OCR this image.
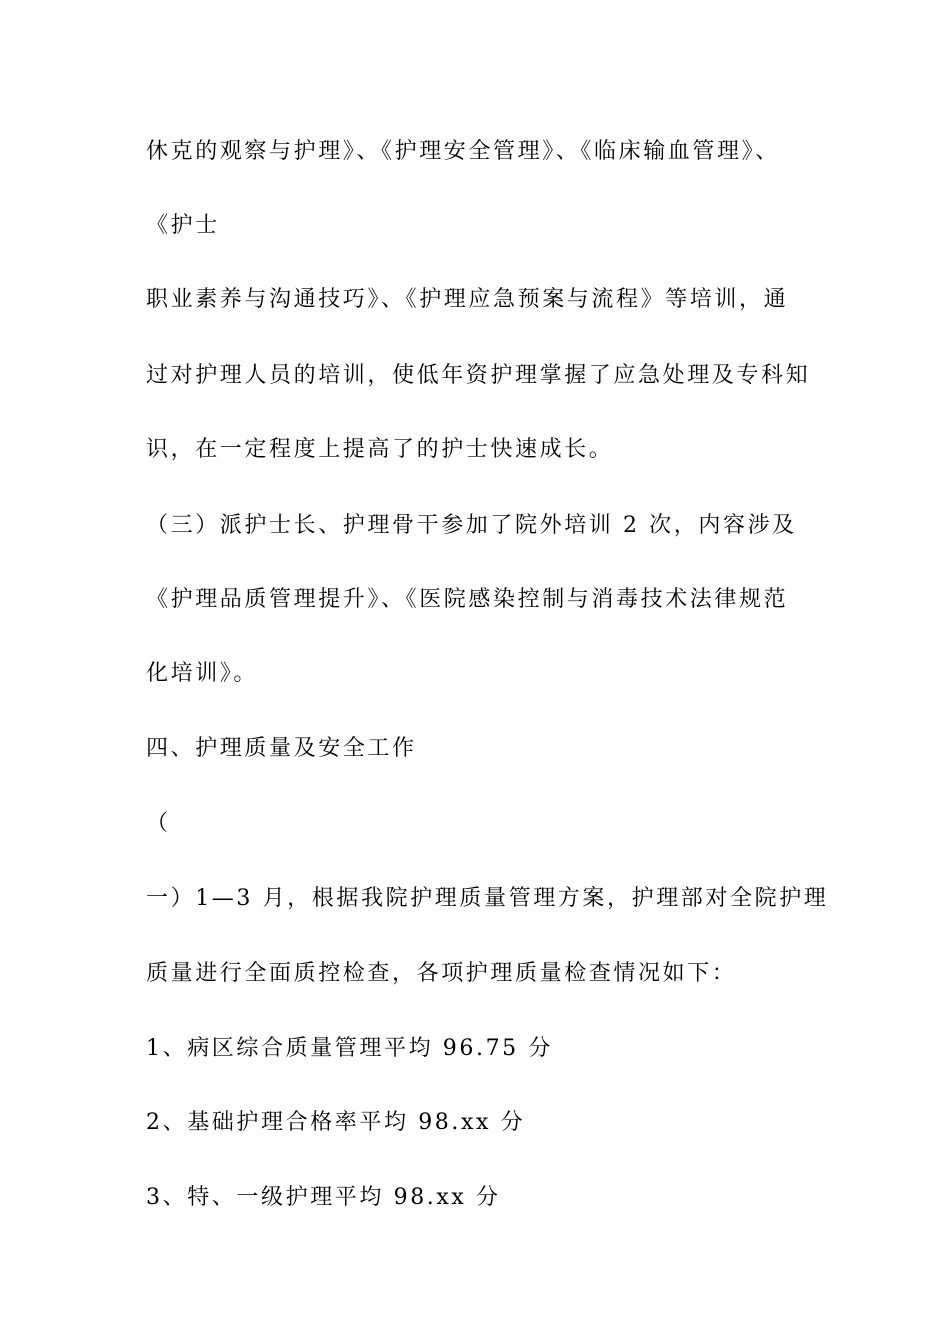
休克的观察与护理》、《护理安全管理》、《临床输血管理》、
《护士
职业素养与沟通技巧》、《护理应急预案与流程》等培训，通
过对护理人员的培训，使低年资护理掌握了应急处理及专科知
识，在一定程度上提高了的护士快速成长。
（三）派护士长、护理骨干参加了院外培训 2 次，内容涉及
《护理品质管理提升》、《医院感染控制与消毒技术法律规范
化培训》。
四、护理质量及安全工作
（
一）1—3 月，根据我院护理质量管理方案，护理部对全院护理
质量进行全面质控检查，各项护理质量检查情况如下：
1、病区综合质量管理平均 96.75 分
2、基础护理合格率平均 98.xx 分
3、特、一级护理平均 98.xx 分
